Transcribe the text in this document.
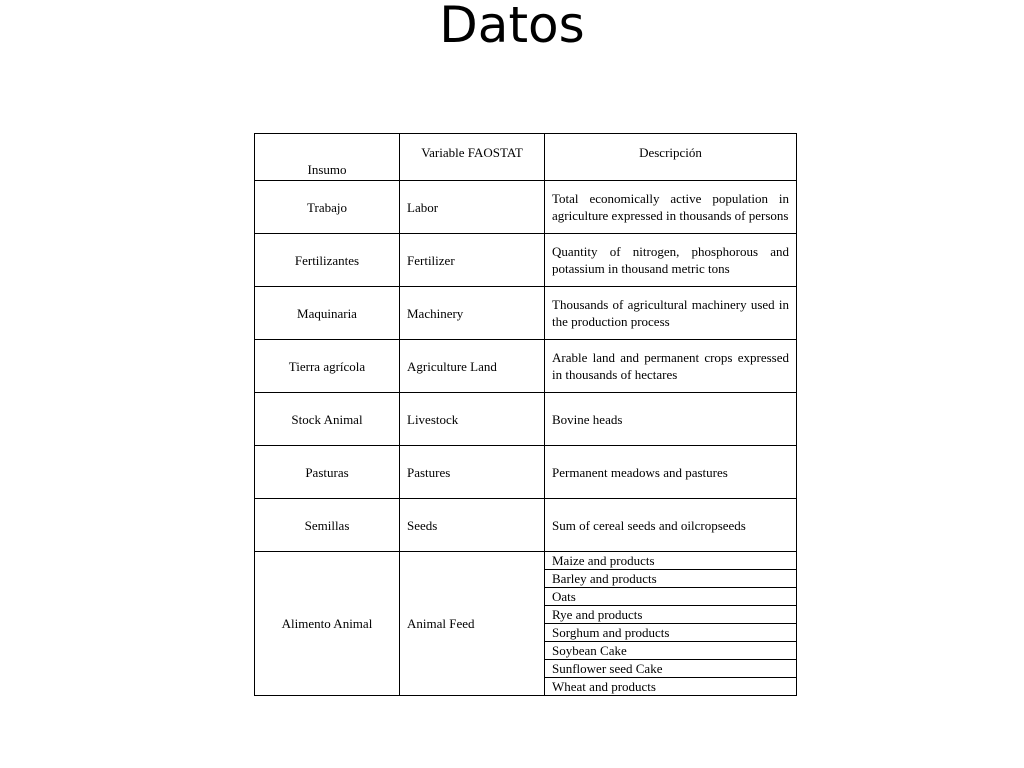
Datos
Insumo	Variable FAOSTAT	Descripción
Trabajo	Labor	Total economically active population in agriculture expressed in thousands of persons
Fertilizantes	Fertilizer	Quantity of nitrogen, phosphorous and potassium in thousand metric tons
Maquinaria	Machinery	Thousands of agricultural machinery used in the production process
Tierra agrícola	Agriculture Land	Arable land and permanent crops expressed in thousands of hectares
Stock Animal	Livestock	Bovine heads
Pasturas	Pastures	Permanent meadows and pastures
Semillas	Seeds	Sum of cereal seeds and oilcropseeds
Alimento Animal	Animal Feed	Maize and products
		Barley and products
		Oats
		Rye and products
		Sorghum and products
		Soybean Cake
		Sunflower seed Cake
		Wheat and products
